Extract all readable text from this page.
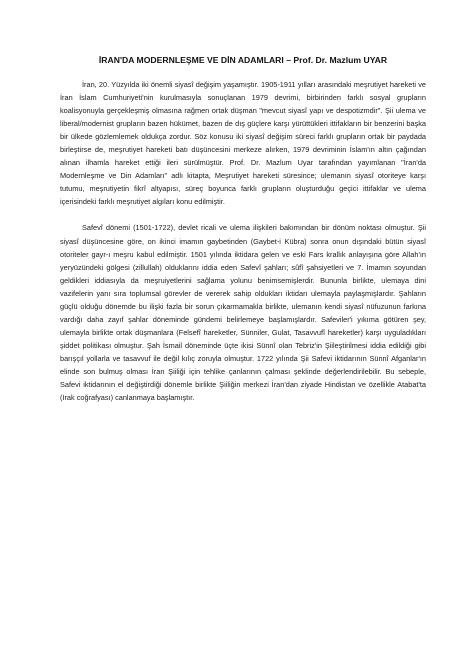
İRAN'DA MODERNLEŞME VE DİN ADAMLARI – Prof. Dr. Mazlum UYAR

İran, 20. Yüzyılda iki önemli siyasî değişim yaşamıştır. 1905-1911 yılları arasındaki meşrutiyet hareketi ve İran İslam Cumhuriyeti'nin kurulmasıyla sonuçlanan 1979 devrimi, birbirinden farklı sosyal grupların koalisyonuyla gerçekleşmiş olmasına rağmen ortak düşman "mevcut siyasî yapı ve despotizmdir". Şii ulema ve liberal/modernist grupların bazen hükümet, bazen de dış güçlere karşı yürüttükleri ittifakların bir benzerini başka bir ülkede gözlemlemek oldukça zordur. Söz konusu iki siyasî değişim süreci farklı grupların ortak bir paydada birleştirse de, meşrutiyet hareketi batı düşüncesini merkeze alırken, 1979 devriminin İslam'ın altın çağından alınan ilhamla hareket ettiği ileri sürülmüştür. Prof. Dr. Mazlum Uyar tarafından yayımlanan "İran'da Modernleşme ve Din Adamları" adlı kitapta, Meşrutiyet hareketi süresince; ulemanın siyasî otoriteye karşı tutumu, meşrutiyetin fikrî altyapısı, süreç boyunca farklı grupların oluşturduğu geçici ittifaklar ve ulema içerisindeki farklı meşrutiyet algıları konu edilmiştir.

Safevî dönemi (1501-1722), devlet ricali ve ulema ilişkileri bakımından bir dönüm noktası olmuştur. Şii siyasî düşüncesine göre, on ikinci imamın gaybetinden (Gaybet-i Kübra) sonra onun dışındaki bütün siyasî otoriteler gayr-ı meşru kabul edilmiştir. 1501 yılında iktidara gelen ve eski Fars krallık anlayışına göre Allah'ın yeryüzündeki gölgesi (zillullah) olduklarını iddia eden Safevî şahları; sûfî şahsiyetleri ve 7. İmamın soyundan geldikleri iddiasıyla da meşruiyetlerini sağlama yolunu benimsemişlerdir. Bununla birlikte, ulemaya dini vazifelerin yanı sıra toplumsal görevler de vererek sahip oldukları iktidarı ulemayla paylaşmışlardır. Şahların güçlü olduğu dönemde bu ilişki fazla bir sorun çıkarmamakla birlikte, ulemanın kendi siyasî nüfuzunun farkına vardığı daha zayıf şahlar döneminde gündemi belirlemeye başlamışlardır. Safeviler'i yıkıma götüren şey, ulemayla birlikte ortak düşmanlara (Felsefî hareketler, Sünniler, Gulat, Tasavvufî hareketler) karşı uyguladıkları şiddet politikası olmuştur. Şah İsmail döneminde üçte ikisi Sünnî olan Tebriz'in Şiileştirilmesi iddia edildiği gibi barışçıl yollarla ve tasavvuf ile değil kılıç zoruyla olmuştur. 1722 yılında Şii Safevi iktidarının Sünnî Afganlar'ın elinde son bulmuş olması İran Şiiliği için tehlike çanlarının çalması şeklinde değerlendirilebilir. Bu sebeple, Safevi iktidarının el değiştirdiği dönemle birlikte Şiiliğin merkezi İran'dan ziyade Hindistan ve özellikle Atabat'ta (Irak coğrafyası) canlanmaya başlamıştır.
